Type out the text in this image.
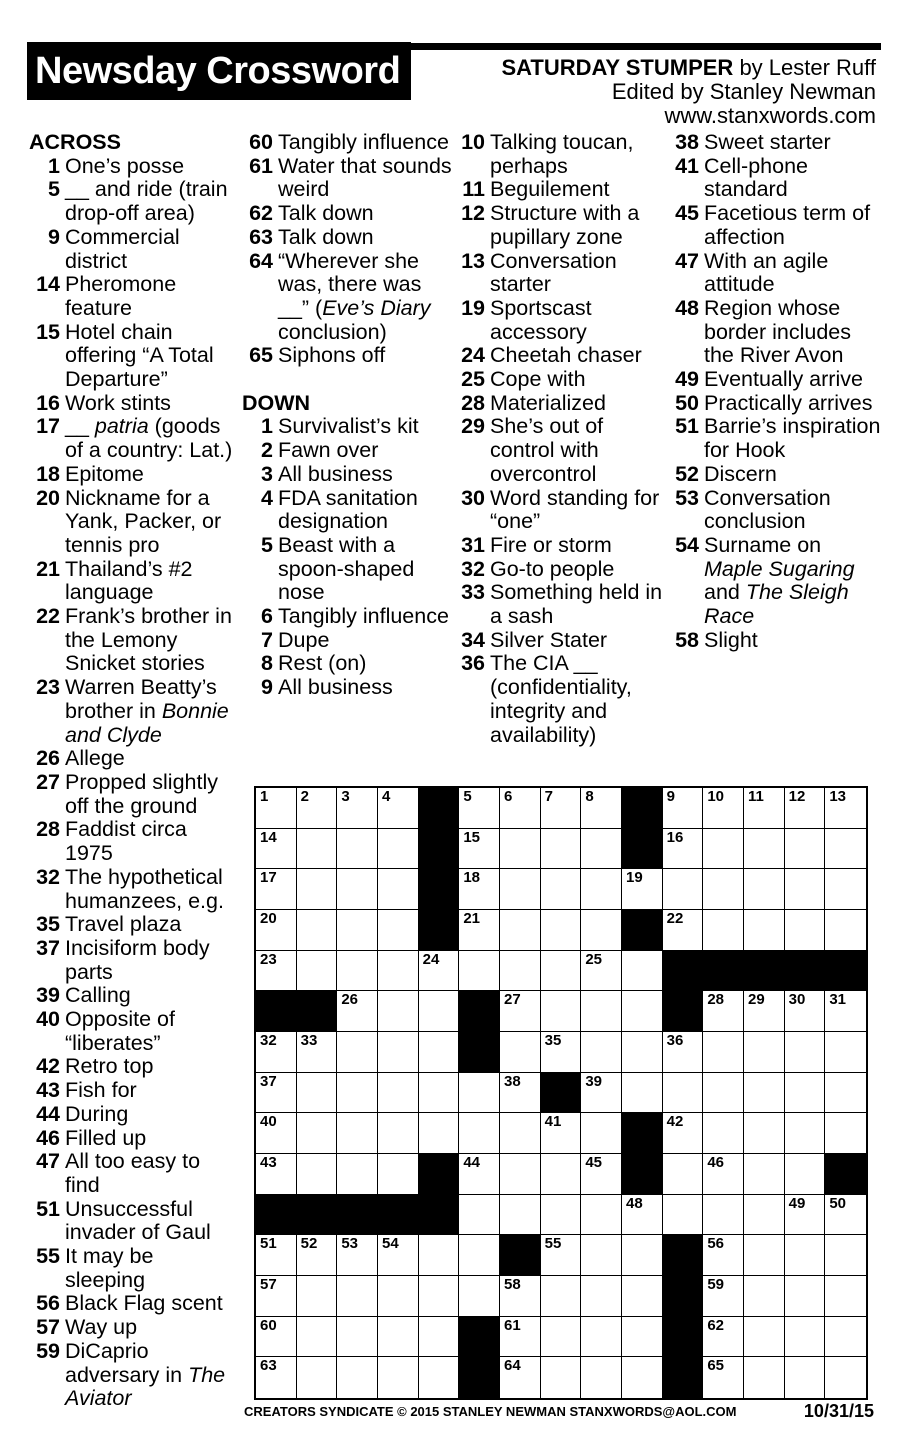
Newsday Crossword	SATURDAY STUMPER by Lester Ruff
Edited by Stanley Newman
www.stanxwords.com
ACROSS
1 One’s posse
5 __ and ride (train drop-off area)
9 Commercial district
14 Pheromone feature
15 Hotel chain offering “A Total Departure”
16 Work stints
17 __ patria (goods of a country: Lat.)
18 Epitome
20 Nickname for a Yank, Packer, or tennis pro
21 Thailand’s #2 language
22 Frank’s brother in the Lemony Snicket stories
23 Warren Beatty’s brother in Bonnie and Clyde
26 Allege
27 Propped slightly off the ground
28 Faddist circa 1975
32 The hypothetical humanzees, e.g.
35 Travel plaza
37 Incisiform body parts
39 Calling
40 Opposite of “liberates”
42 Retro top
43 Fish for
44 During
46 Filled up
47 All too easy to find
51 Unsuccessful invader of Gaul
55 It may be sleeping
56 Black Flag scent
57 Way up
59 DiCaprio adversary in The Aviator
60 Tangibly influence
61 Water that sounds weird
62 Talk down
63 Talk down
64 “Wherever she was, there was __” (Eve’s Diary conclusion)
65 Siphons off
DOWN
1 Survivalist’s kit
2 Fawn over
3 All business
4 FDA sanitation designation
5 Beast with a spoon-shaped nose
6 Tangibly influence
7 Dupe
8 Rest (on)
9 All business
10 Talking toucan, perhaps
11 Beguilement
12 Structure with a pupillary zone
13 Conversation starter
19 Sportscast accessory
24 Cheetah chaser
25 Cope with
28 Materialized
29 She’s out of control with overcontrol
30 Word standing for “one”
31 Fire or storm
32 Go-to people
33 Something held in a sash
34 Silver Stater
36 The CIA __ (confidentiality, integrity and availability)
38 Sweet starter
41 Cell-phone standard
45 Facetious term of affection
47 With an agile attitude
48 Region whose border includes the River Avon
49 Eventually arrive
50 Practically arrives
51 Barrie’s inspiration for Hook
52 Discern
53 Conversation conclusion
54 Surname on Maple Sugaring and The Sleigh Race
58 Slight
1 2 3 4	5 6 7 8	9 10 11 12 13
14	15	16
17	18	19
20	21	22
23	24	25
26	27	28 29 30 31
32 33	35	36
37	38	39
40	41	42
43	44	45	46
48	49 50
51 52 53 54	55	56
57	58	59
60	61	62
63	64	65
CREATORS SYNDICATE © 2015 STANLEY NEWMAN STANXWORDS@AOL.COM	10/31/15
